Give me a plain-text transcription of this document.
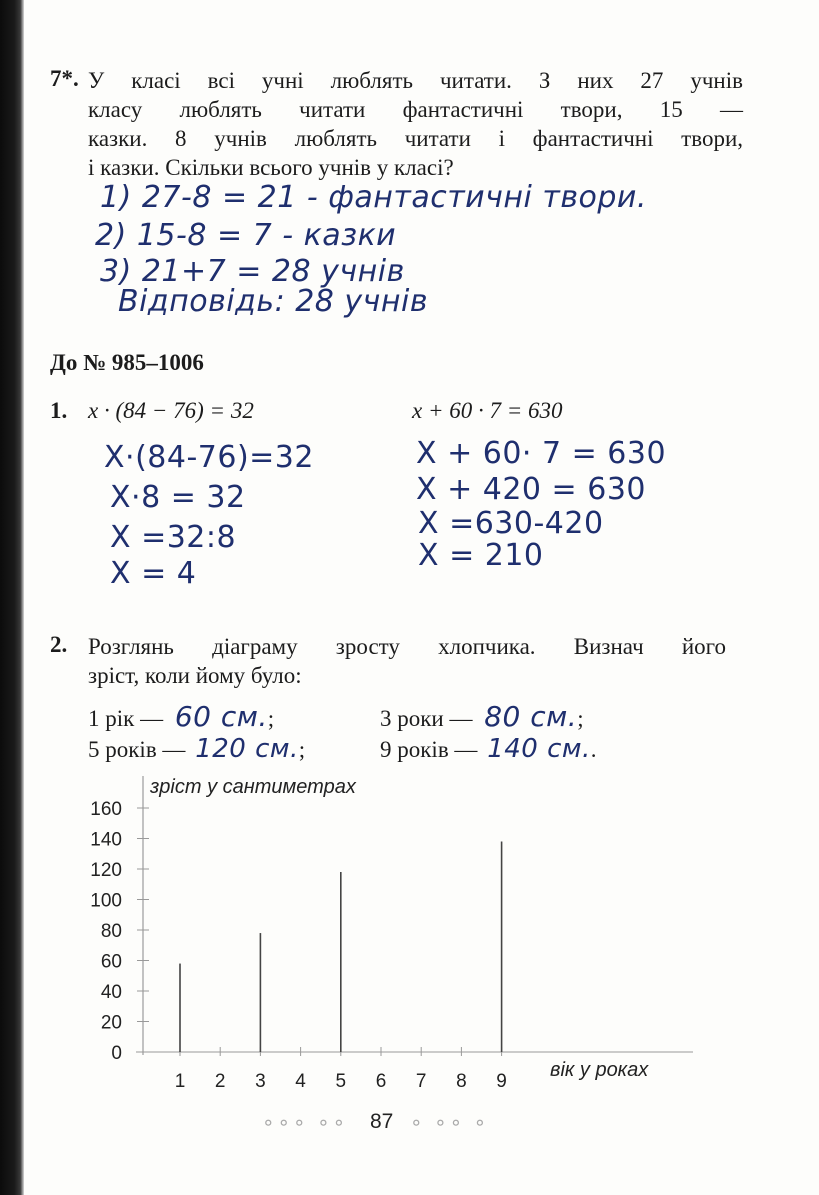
7*. У класі всі учні люблять читати. З них 27 учнів
класу люблять читати фантастичні твори, 15 —
казки. 8 учнів люблять читати і фантастичні твори,
і казки. Скільки всього учнів у класі?
1) 27-8 = 21 - фантастичні твори.
2) 15-8 = 7 - казки
3) 21+7 = 28 учнів
Відповідь: 28 учнів
До № 985–1006
1. x · (84 − 76) = 32	x + 60 · 7 = 630
X·(84-76)=32
X·8 = 32
X =32:8
X = 4
X + 60· 7 = 630
X + 420 = 630
X =630-420
X = 210
2. Розглянь діаграму зросту хлопчика. Визнач його
зріст, коли йому було:
1 рік — 60 см.;	3 роки — 80 см.;
5 років — 120 см.;	9 років — 140 см..
зріст у сантиметрах
вік у роках
0
20
40
60
80
100
120
140
160
1 2 3 4 5 6 7 8 9
∘∘∘ ∘∘ 87 ∘ ∘∘ ∘
